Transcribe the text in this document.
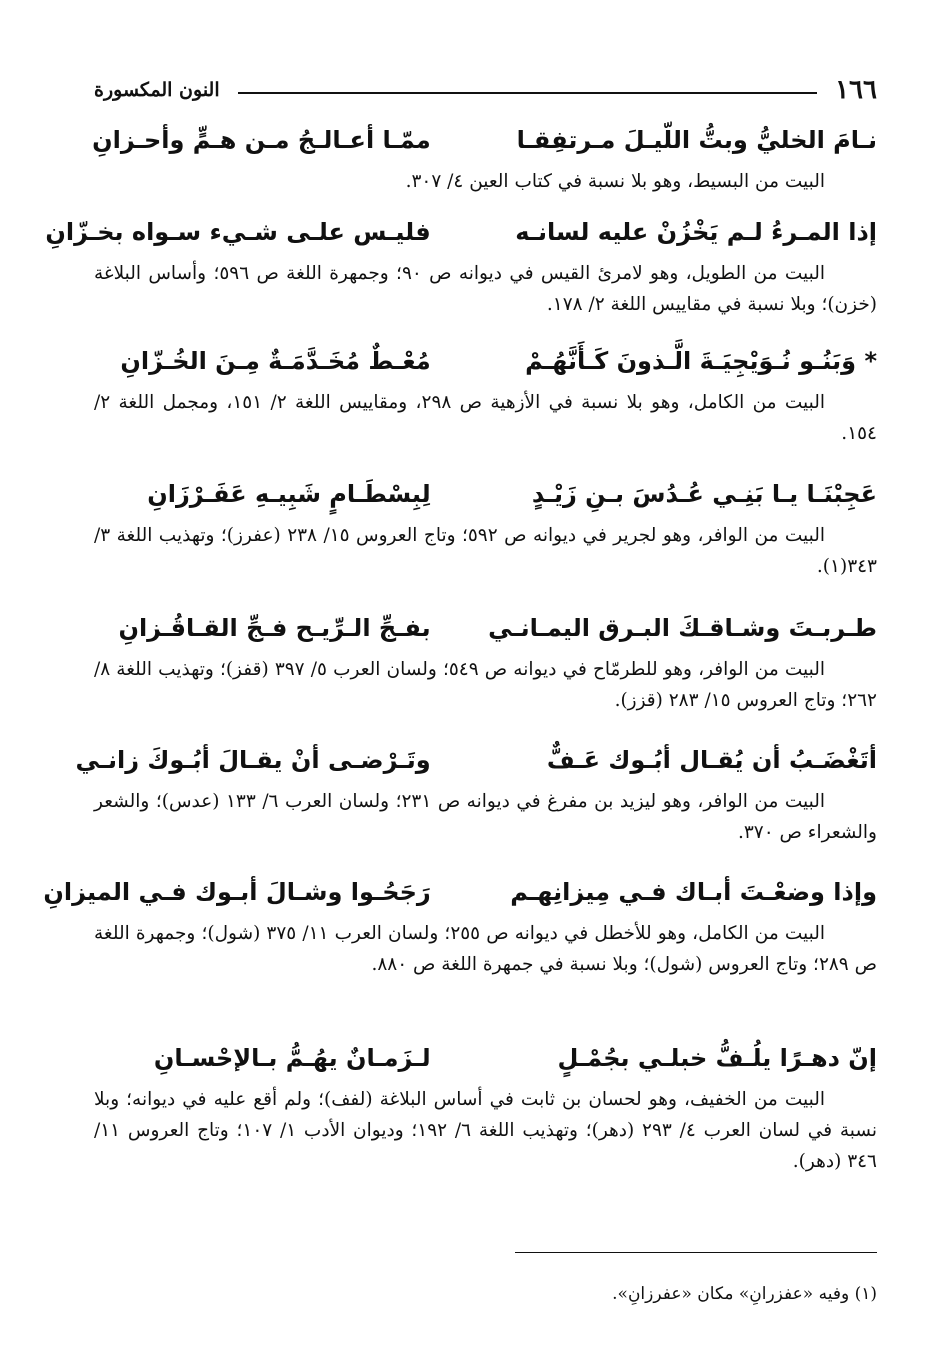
١٦٦
النون المكسورة
نـامَ الخليُّ وبتُّ اللّيـلَ مـرتفِقـا
ممّـا أعـالـجُ مـن هـمٍّ وأحـزانِ

البيت من البسيط، وهو بلا نسبة في كتاب العين ٤/ ٣٠٧.

إذا المـرءُ لـم يَخْزُنْ عليه لسانـه
فليـس علـى شـيء سـواه بخـزّانِ

البيت من الطويل، وهو لامرئ القيس في ديوانه ص ٩٠؛ وجمهرة اللغة ص ٥٩٦؛ وأساس البلاغة (خزن)؛ وبلا نسبة في مقاييس اللغة ٢/ ١٧٨.

* وَبَنُـو نُـوَيْجِيَـةَ الَّـذونَ كَـأَنَّهُـمْ
مُعْـطٌ مُخَـدَّمَـةٌ مِـنَ الخُـزّانِ

البيت من الكامل، وهو بلا نسبة في الأزهية ص ٢٩٨، ومقاييس اللغة ٢/ ١٥١، ومجمل اللغة ٢/ ١٥٤.

عَجِبْنَـا يـا بَنِـي عُـدُسَ بـنِ زَيْـدٍ
لِبِسْطَـامٍ شَبِيـهِ عَفَـرْزَانِ

البيت من الوافر، وهو لجرير في ديوانه ص ٥٩٢؛ وتاج العروس ١٥/ ٢٣٨ (عفرز)؛ وتهذيب اللغة ٣/ ٣٤٣(١).

طـربـتَ وشـاقـكَ البـرق اليمـانـي
بفـجِّ الـرِّيـح فـجِّ القـاقُـزانِ

البيت من الوافر، وهو للطرمّاح في ديوانه ص ٥٤٩؛ ولسان العرب ٥/ ٣٩٧ (قفز)؛ وتهذيب اللغة ٨/ ٢٦٢؛ وتاج العروس ١٥/ ٢٨٣ (قزز).

أتَغْضَـبُ أن يُقـال أبُـوك عَـفٌّ
وتَـرْضـى أنْ يقـالَ أبُـوكَ زانـي

البيت من الوافر، وهو ليزيد بن مفرغ في ديوانه ص ٢٣١؛ ولسان العرب ٦/ ١٣٣ (عدس)؛ والشعر والشعراء ص ٣٧٠.

وإذا وضعْـتَ أبـاك فـي مِيزانِهـم
رَجَحُـوا وشـالَ أبـوك فـي الميزانِ

البيت من الكامل، وهو للأخطل في ديوانه ص ٢٥٥؛ ولسان العرب ١١/ ٣٧٥ (شول)؛ وجمهرة اللغة ص ٢٨٩؛ وتاج العروس (شول)؛ وبلا نسبة في جمهرة اللغة ص ٨٨٠.

إنّ دهـرًا يلُـفُّ خبلـي بجُمْـلٍ
لـزَمـانٌ يهُـمُّ بـالإحْسـانِ

البيت من الخفيف، وهو لحسان بن ثابت في أساس البلاغة (لفف)؛ ولم أقع عليه في ديوانه؛ وبلا نسبة في لسان العرب ٤/ ٢٩٣ (دهر)؛ وتهذيب اللغة ٦/ ١٩٢؛ وديوان الأدب ١/ ١٠٧؛ وتاج العروس ١١/ ٣٤٦ (دهر).

(١) وفيه «عفزرانِ» مكان «عفرزانِ».
